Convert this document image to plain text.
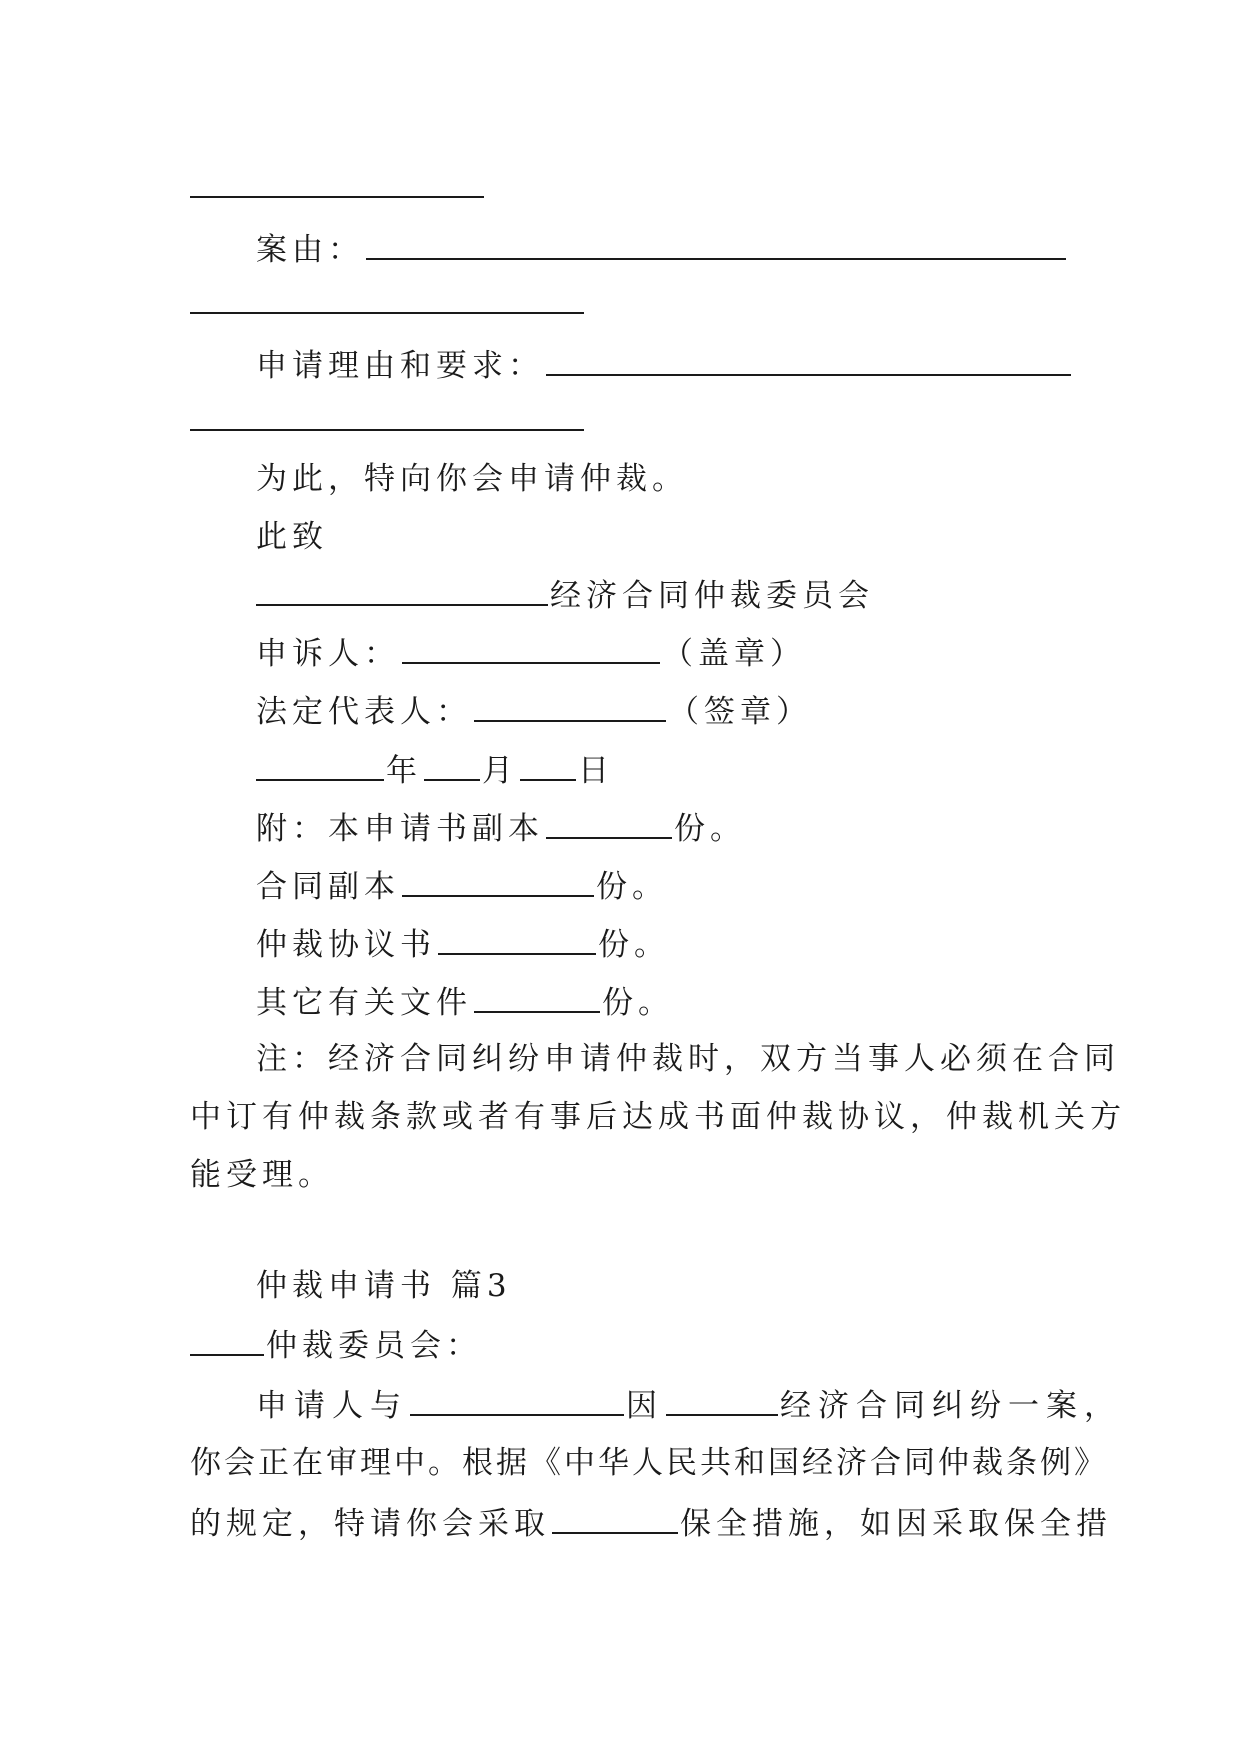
案由：
申请理由和要求：
为此，特向你会申请仲裁。
此致
经济合同仲裁委员会
申诉人：	（盖章）
法定代表人：	（签章）
年 月 日
附：本申请书副本	份。
合同副本	份。
仲裁协议书	份。
其它有关文件	份。
注：经济合同纠纷申请仲裁时，双方当事人必须在合同
中订有仲裁条款或者有事后达成书面仲裁协议，仲裁机关方
能受理。
仲裁申请书 篇3
仲裁委员会：
申请人与	因	经济合同纠纷一案，
你会正在审理中。根据《中华人民共和国经济合同仲裁条例》
的规定，特请你会采取	保全措施，如因采取保全措
